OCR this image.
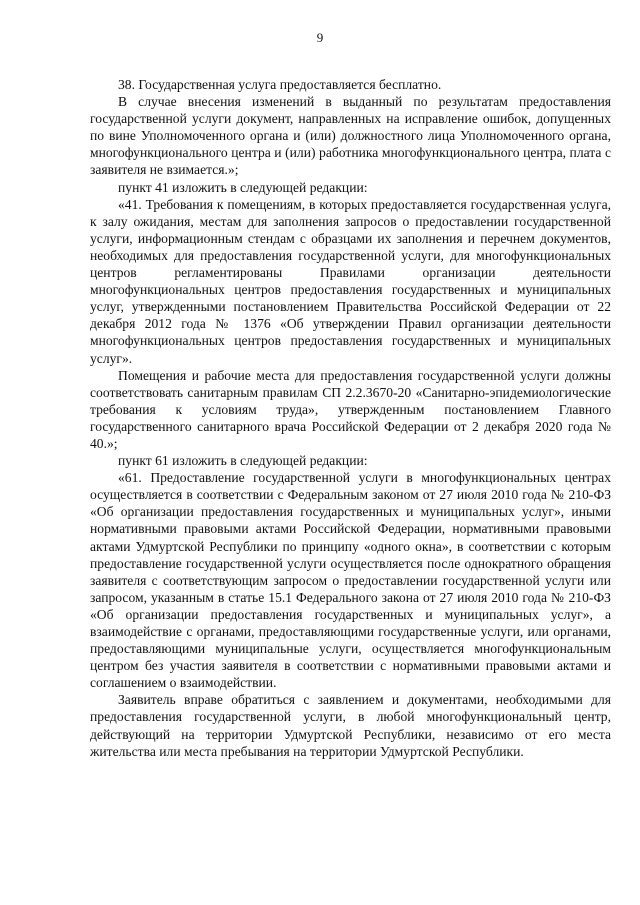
9

38. Государственная услуга предоставляется бесплатно.

В случае внесения изменений в выданный по результатам предоставления государственной услуги документ, направленных на исправление ошибок, допущенных по вине Уполномоченного органа и (или) должностного лица Уполномоченного органа, многофункционального центра и (или) работника многофункционального центра, плата с заявителя не взимается.»;

пункт 41 изложить в следующей редакции:

«41. Требования к помещениям, в которых предоставляется государственная услуга, к залу ожидания, местам для заполнения запросов о предоставлении государственной услуги, информационным стендам с образцами их заполнения и перечнем документов, необходимых для предоставления государственной услуги, для многофункциональных центров регламентированы Правилами организации деятельности многофункциональных центров предоставления государственных и муниципальных услуг, утвержденными постановлением Правительства Российской Федерации от 22 декабря 2012 года № 1376 «Об утверждении Правил организации деятельности многофункциональных центров предоставления государственных и муниципальных услуг».

Помещения и рабочие места для предоставления государственной услуги должны соответствовать санитарным правилам СП 2.2.3670-20 «Санитарно-эпидемиологические требования к условиям труда», утвержденным постановлением Главного государственного санитарного врача Российской Федерации от 2 декабря 2020 года № 40.»;

пункт 61 изложить в следующей редакции:

«61. Предоставление государственной услуги в многофункциональных центрах осуществляется в соответствии с Федеральным законом от 27 июля 2010 года № 210-ФЗ «Об организации предоставления государственных и муниципальных услуг», иными нормативными правовыми актами Российской Федерации, нормативными правовыми актами Удмуртской Республики по принципу «одного окна», в соответствии с которым предоставление государственной услуги осуществляется после однократного обращения заявителя с соответствующим запросом о предоставлении государственной услуги или запросом, указанным в статье 15.1 Федерального закона от 27 июля 2010 года № 210-ФЗ «Об организации предоставления государственных и муниципальных услуг», а взаимодействие с органами, предоставляющими государственные услуги, или органами, предоставляющими муниципальные услуги, осуществляется многофункциональным центром без участия заявителя в соответствии с нормативными правовыми актами и соглашением о взаимодействии.

Заявитель вправе обратиться с заявлением и документами, необходимыми для предоставления государственной услуги, в любой многофункциональный центр, действующий на территории Удмуртской Республики, независимо от его места жительства или места пребывания на территории Удмуртской Республики.
